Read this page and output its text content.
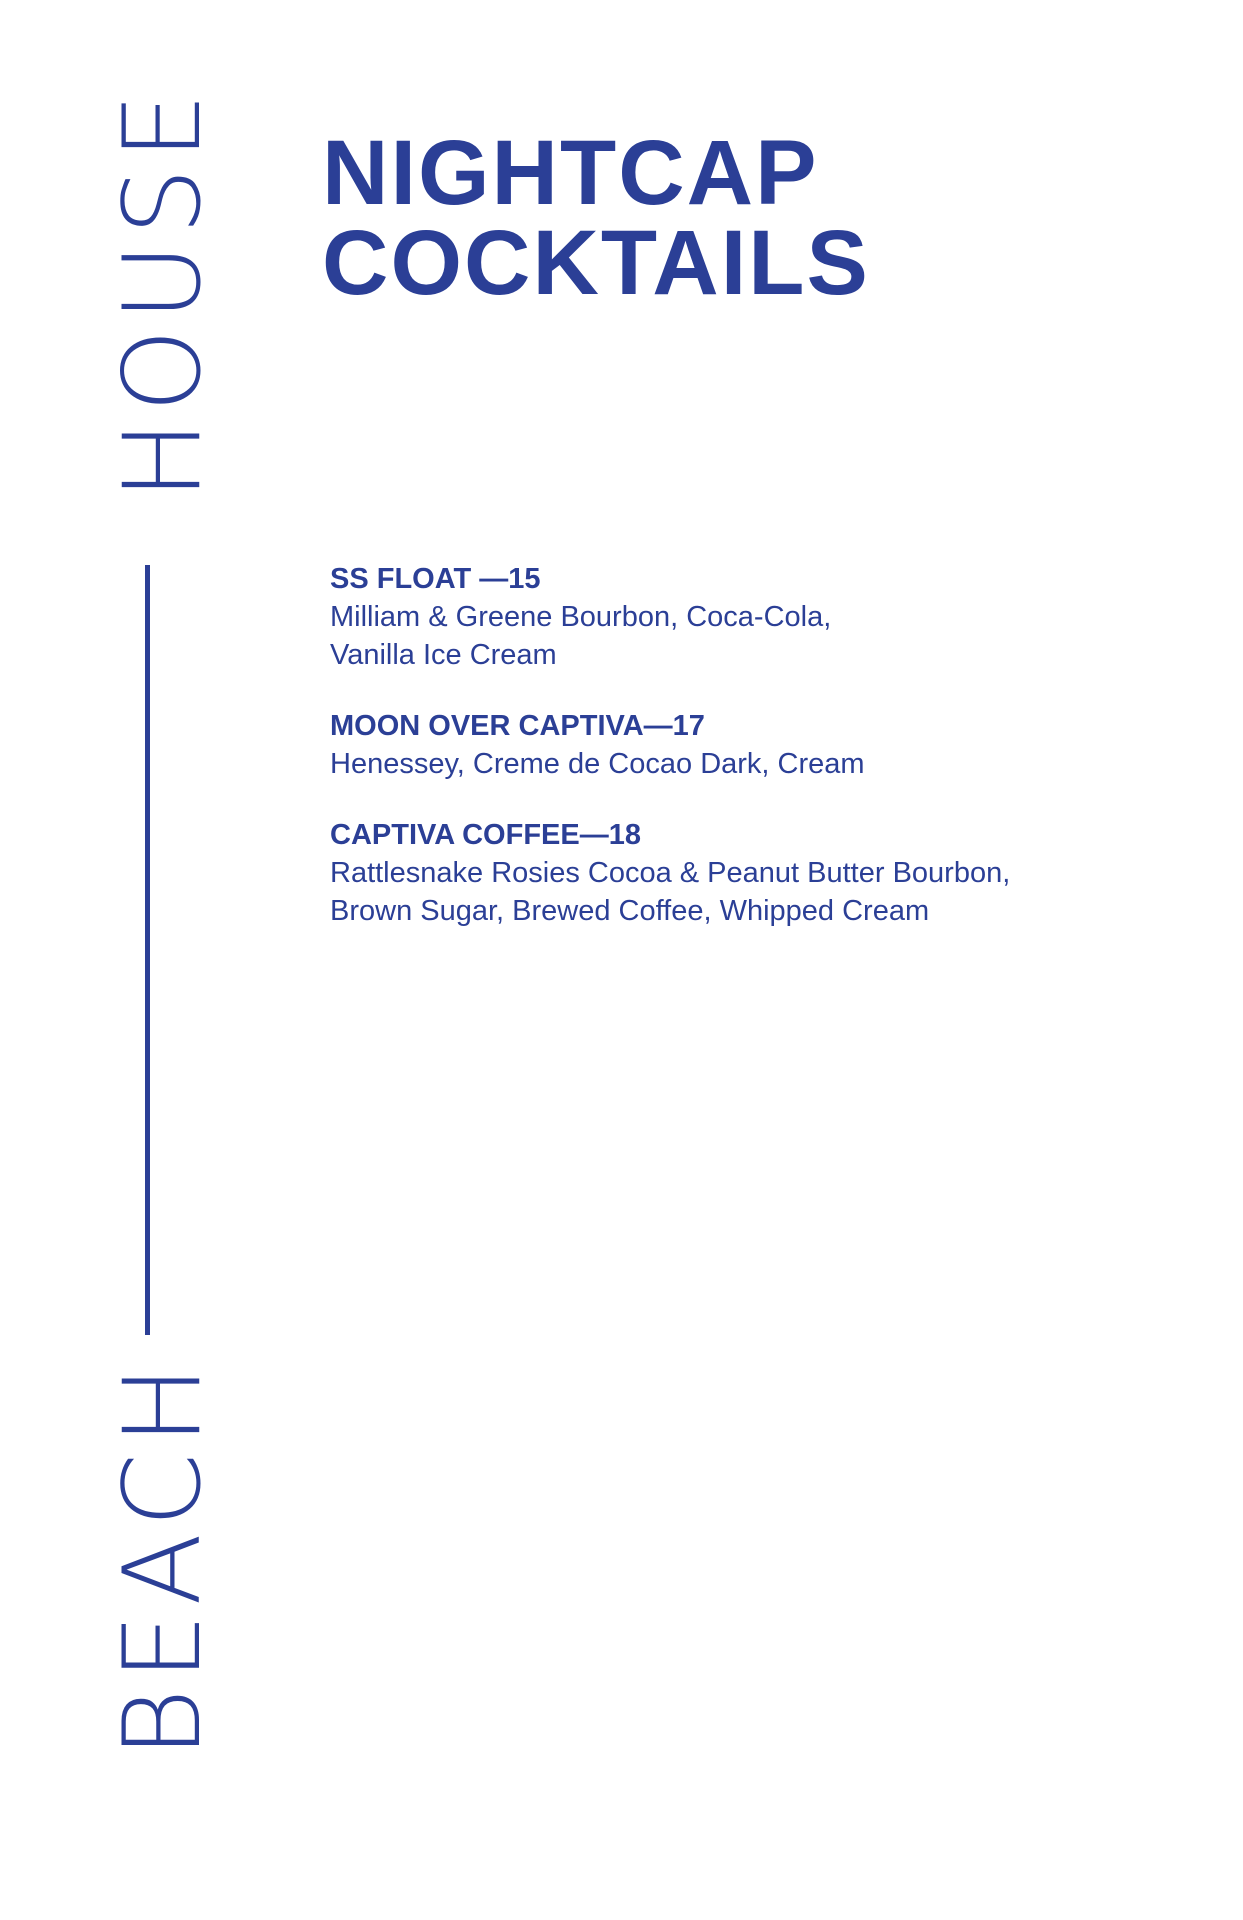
HOUSE
BEACH
NIGHTCAP
COCKTAILS
SS FLOAT —15
Milliam & Greene Bourbon, Coca-Cola,
Vanilla Ice Cream
MOON OVER CAPTIVA—17
Henessey, Creme de Cocao Dark, Cream
CAPTIVA COFFEE—18
Rattlesnake Rosies Cocoa & Peanut Butter Bourbon,
Brown Sugar, Brewed Coffee, Whipped Cream
